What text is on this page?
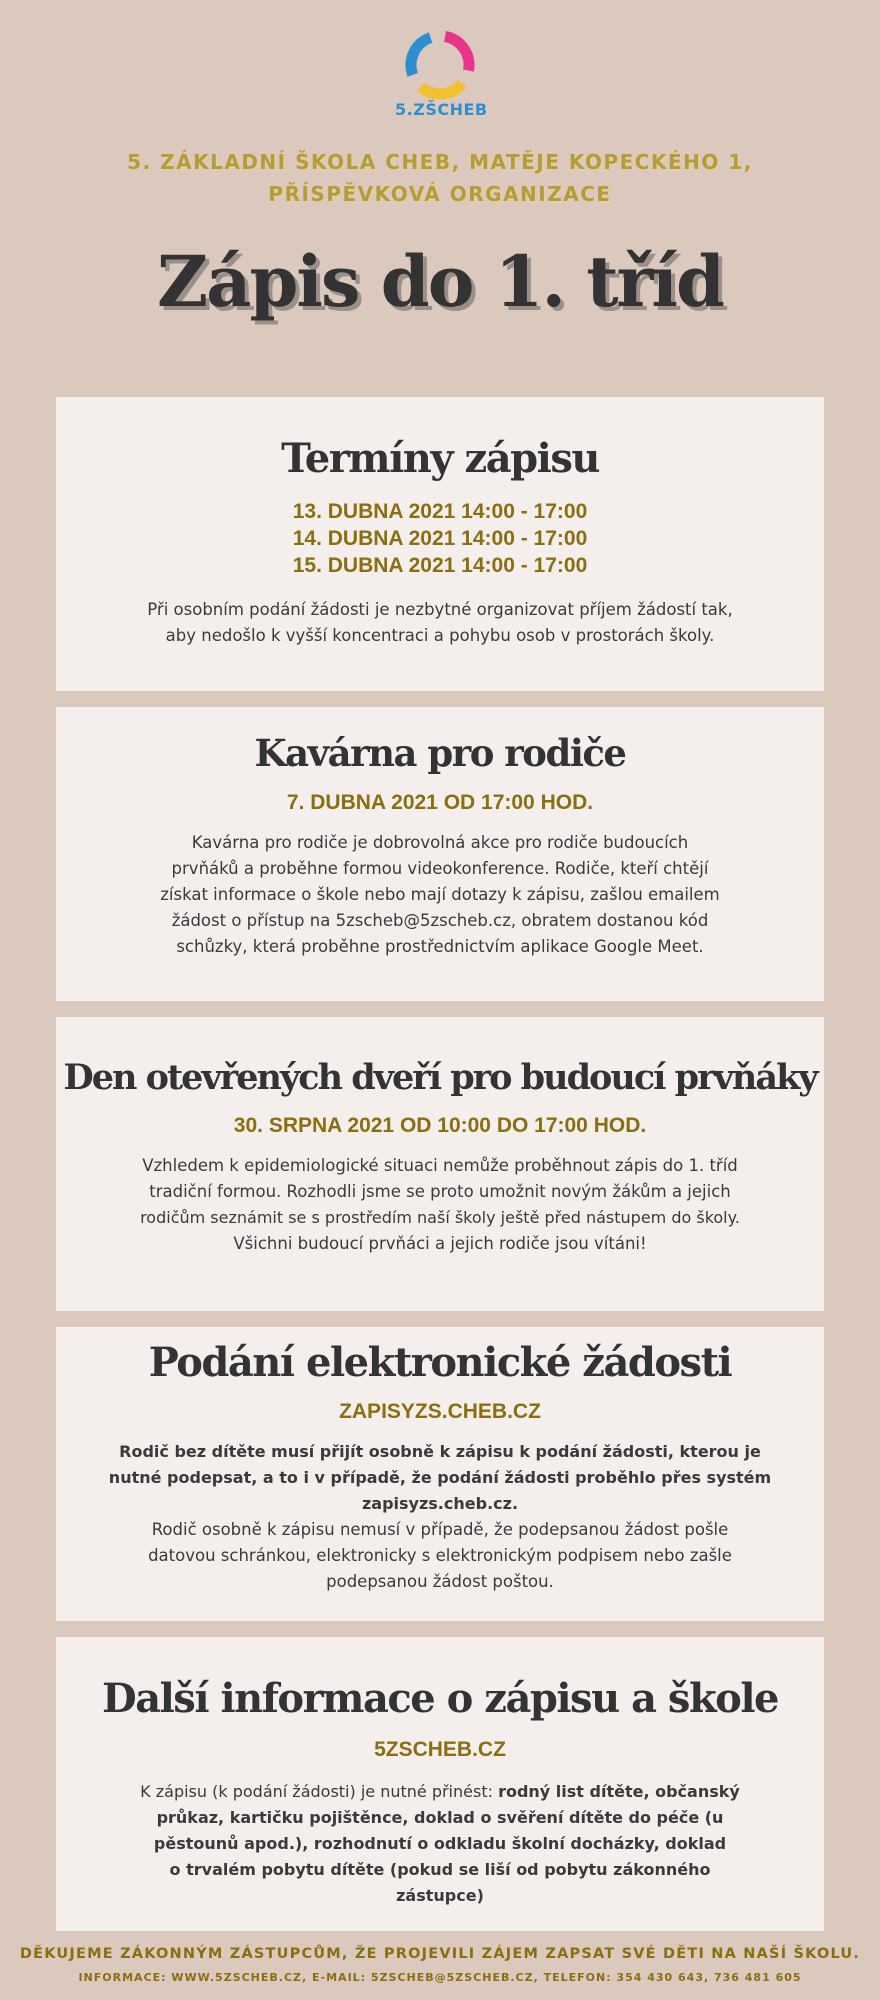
5.ZŠCHEB
5. ZÁKLADNÍ ŠKOLA CHEB, MATĚJE KOPECKÉHO 1,
PŘÍSPĚVKOVÁ ORGANIZACE
Zápis do 1. tříd
Termíny zápisu
13. DUBNA 2021 14:00 - 17:00
14. DUBNA 2021 14:00 - 17:00
15. DUBNA 2021 14:00 - 17:00
Při osobním podání žádosti je nezbytné organizovat příjem žádostí tak,
aby nedošlo k vyšší koncentraci a pohybu osob v prostorách školy.
Kavárna pro rodiče
7. DUBNA 2021 OD 17:00 HOD.
Kavárna pro rodiče je dobrovolná akce pro rodiče budoucích
prvňáků a proběhne formou videokonference. Rodiče, kteří chtějí
získat informace o škole nebo mají dotazy k zápisu, zašlou emailem
žádost o přístup na 5zscheb@5zscheb.cz, obratem dostanou kód
schůzky, která proběhne prostřednictvím aplikace Google Meet.
Den otevřených dveří pro budoucí prvňáky
30. SRPNA 2021 OD 10:00 DO 17:00 HOD.
Vzhledem k epidemiologické situaci nemůže proběhnout zápis do 1. tříd
tradiční formou. Rozhodli jsme se proto umožnit novým žákům a jejich
rodičům seznámit se s prostředím naší školy ještě před nástupem do školy.
Všichni budoucí prvňáci a jejich rodiče jsou vítáni!
Podání elektronické žádosti
ZAPISYZS.CHEB.CZ
Rodič bez dítěte musí přijít osobně k zápisu k podání žádosti, kterou je
nutné podepsat, a to i v případě, že podání žádosti proběhlo přes systém
zapisyzs.cheb.cz.
Rodič osobně k zápisu nemusí v případě, že podepsanou žádost pošle
datovou schránkou, elektronicky s elektronickým podpisem nebo zašle
podepsanou žádost poštou.
Další informace o zápisu a škole
5ZSCHEB.CZ
K zápisu (k podání žádosti) je nutné přinést: rodný list dítěte, občanský
průkaz, kartičku pojištěnce, doklad o svěření dítěte do péče (u
pěstounů apod.), rozhodnutí o odkladu školní docházky, doklad
o trvalém pobytu dítěte (pokud se liší od pobytu zákonného
zástupce)
DĚKUJEME ZÁKONNÝM ZÁSTUPCŮM, ŽE PROJEVILI ZÁJEM ZAPSAT SVÉ DĚTI NA NAŠÍ ŠKOLU.
INFORMACE: WWW.5ZSCHEB.CZ, E-MAIL: 5ZSCHEB@5ZSCHEB.CZ, TELEFON: 354 430 643, 736 481 605
